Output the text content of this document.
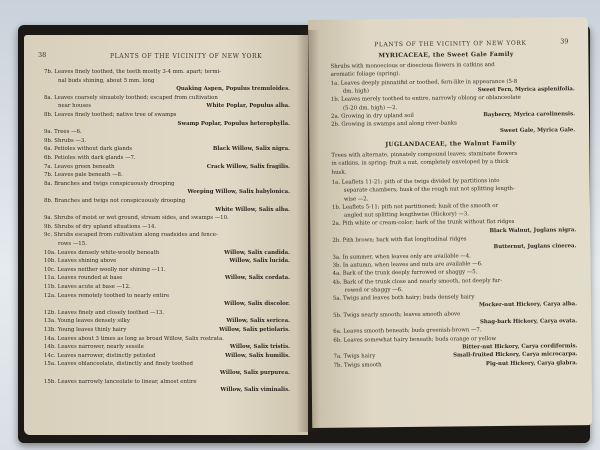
38	PLANTS OF THE VICINITY OF NEW YORK
7b. Leaves finely toothed, the teeth mostly 3-4 mm. apart; termi-
nal buds shining, about 5 mm. long
Quaking Aspen, Populus tremuloides.
8a. Leaves coarsely sinuately toothed; escaped from cultivation
near houses	White Poplar, Populus alba.
8b. Leaves finely toothed; native tree of swamps
Swamp Poplar, Populus heterophylla.
9a. Trees —6.
9b. Shrubs —3.
6a. Petioles without dark glands	Black Willow, Salix nigra.
6b. Petioles with dark glands —7.
7a. Leaves green beneath	Crack Willow, Salix fragilis.
7b. Leaves pale beneath —8.
8a. Branches and twigs conspicuously drooping
Weeping Willow, Salix babylonica.
8b. Branches and twigs not conspicuously drooping
White Willow, Salix alba.
9a. Shrubs of moist or wet ground, stream sides, and swamps —10.
9b. Shrubs of dry upland situations —14.
9c. Shrubs escaped from cultivation along roadsides and fence-
rows —15.
10a. Leaves densely white-woolly beneath	Willow, Salix candida.
10b. Leaves shining above	Willow, Salix lucida.
10c. Leaves neither woolly nor shining —11.
11a. Leaves rounded at base	Willow, Salix cordata.
11b. Leaves acute at base —12.
12a. Leaves remotely toothed to nearly entire
Willow, Salix discolor.
12b. Leaves finely and closely toothed —13.
13a. Young leaves densely silky	Willow, Salix sericea.
13b. Young leaves thinly hairy	Willow, Salix petiolaris.
14a. Leaves about 3 times as long as broad Willow, Salix rostrata.
14b. Leaves narrower, nearly sessile	Willow, Salix tristis.
14c. Leaves narrower, distinctly petioled	Willow, Salix humilis.
15a. Leaves oblanceolate, distinctly and finely toothed
Willow, Salix purpurea.
15b. Leaves narrowly lanceolate to linear, almost entire
Willow, Salix viminalis.
PLANTS OF THE VICINITY OF NEW YORK	39
MYRICACEAE, the Sweet Gale Family
Shrubs with monoecious or dioecious flowers in catkins and
aromatic foliage (spring).
1a. Leaves deeply pinnatifid or toothed, fern-like in appearance (5-8
dm. high)	Sweet Fern, Myrica asplenifolia.
1b. Leaves merely toothed to entire, narrowly oblong or oblanceolate
(5-20 dm. high) —2.
2a. Growing in dry upland soil	Bayberry, Myrica carolinensis.
2b. Growing in swamps and along river-banks
Sweet Gale, Myrica Gale.
JUGLANDACEAE, the Walnut Family
Trees with alternate, pinnately compound leaves; staminate flowers
in catkins, in spring; fruit a nut, completely enveloped by a thick
husk.
1a. Leaflets 11-21; pith of the twigs divided by partitions into
separate chambers; husk of the rough nut not splitting length-
wise —2.
1b. Leaflets 5-11; pith not partitioned; husk of the smooth or
angled nut splitting lengthwise (Hickory) —3.
2a. Pith white or cream-color; bark of the trunk without flat ridges
Black Walnut, Juglans nigra.
2b. Pith brown; bark with flat longitudinal ridges
Butternut, Juglans cinerea.
3a. In summer, when leaves only are available —4.
3b. In autumn, when leaves and nuts are available —6.
4a. Bark of the trunk deeply furrowed or shaggy —5.
4b. Bark of the trunk close and nearly smooth, not deeply fur-
rowed or shaggy —6.
5a. Twigs and leaves both hairy; buds densely hairy
Mocker-nut Hickory, Carya alba.
5b. Twigs nearly smooth; leaves smooth above
Shag-bark Hickory, Carya ovata.
6a. Leaves smooth beneath; buds greenish-brown —7.
6b. Leaves somewhat hairy beneath; buds orange or yellow
Bitter-nut Hickory, Carya cordiformis.
7a. Twigs hairy	Small-fruited Hickory, Carya microcarpa.
7b. Twigs smooth	Pig-nut Hickory, Carya glabra.
